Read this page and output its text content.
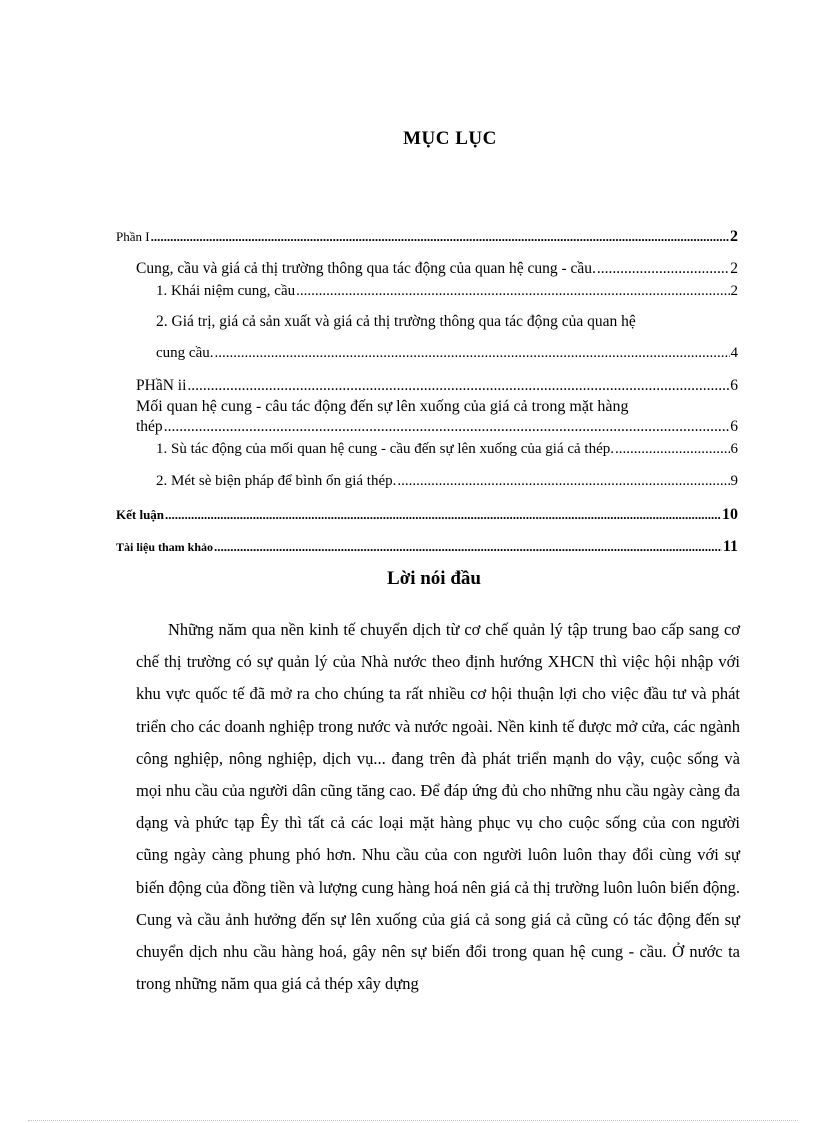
MỤC LỤC
Phần I .....	2
Cung, cầu và giá cả thị trường thông qua tác động của quan hệ cung - cầu. .....	2
1. Khái niệm cung, cầu .....	2
2. Giá trị, giá cả sản xuất và giá cả thị trường thông qua tác động của quan hệ
cung cầu. .....	4
PHầN ii .....	6
Mối quan hệ cung - câu tác động đến sự lên xuống của giá cả trong mặt hàng
thép .....	6
1. Sù tác động của mối quan hệ cung - cầu đến sự lên xuống của giá cả thép. .....	6
2. Mét sè biện pháp để bình ổn giá thép. .....	9
Kết luận .....	10
Tài liệu tham khảo .....	11
Lời nói đầu

Những năm qua nền kinh tế chuyển dịch từ cơ chế quản lý tập trung bao cấp sang cơ chế thị trường có sự quản lý của Nhà nước theo định hướng XHCN thì việc hội nhập với khu vực quốc tế đã mở ra cho chúng ta rất nhiều cơ hội thuận lợi cho việc đầu tư và phát triển cho các doanh nghiệp trong nước và nước ngoài. Nền kinh tế được mở cửa, các ngành công nghiệp, nông nghiệp, dịch vụ... đang trên đà phát triển mạnh do vậy, cuộc sống và mọi nhu cầu của người dân cũng tăng cao. Để đáp ứng đủ cho những nhu cầu ngày càng đa dạng và phức tạp Êy thì tất cả các loại mặt hàng phục vụ cho cuộc sống của con người cũng ngày càng phung phó hơn. Nhu cầu của con người luôn luôn thay đổi cùng với sự biến động của đồng tiền và lượng cung hàng hoá nên giá cả thị trường luôn luôn biến động. Cung và cầu ảnh hưởng đến sự lên xuống của giá cả song giá cả cũng có tác động đến sự chuyển dịch nhu cầu hàng hoá, gây nên sự biến đổi trong quan hệ cung - cầu. Ở nước ta trong những năm qua giá cả thép xây dựng
